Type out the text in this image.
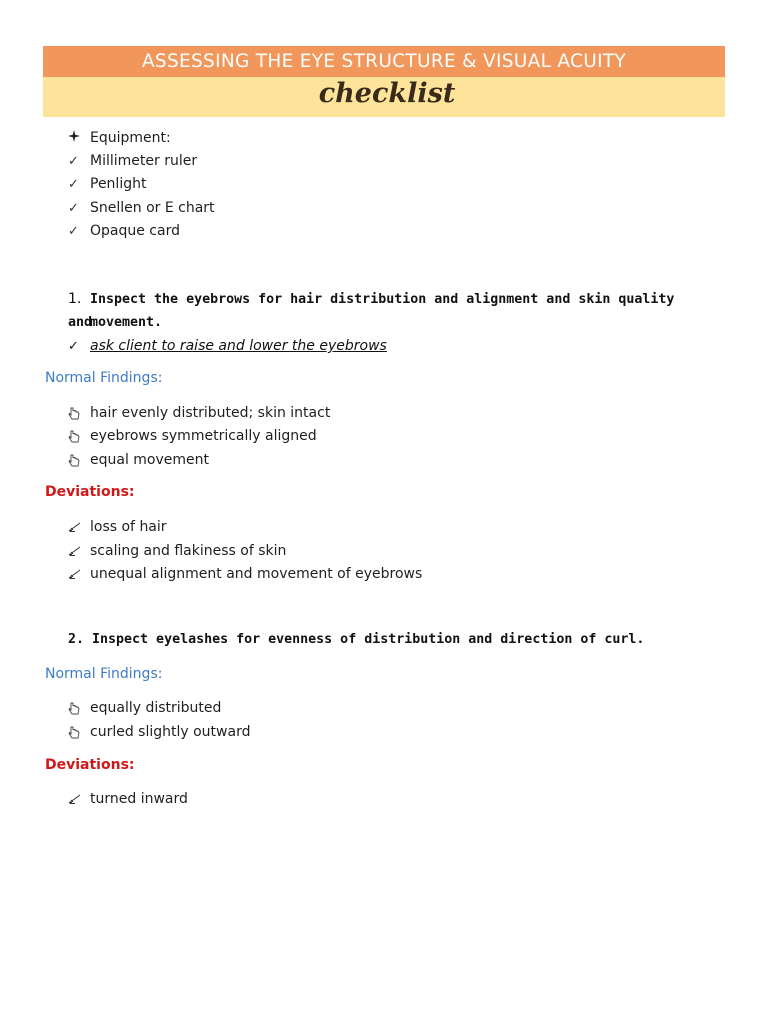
ASSESSING THE EYE STRUCTURE & VISUAL ACUITY
checklist
Equipment:
✓ Millimeter ruler
✓ Penlight
✓ Snellen or E chart
✓ Opaque card
1. Inspect the eyebrows for hair distribution and alignment and skin quality and
movement.
✓ ask client to raise and lower the eyebrows
Normal Findings:
hair evenly distributed; skin intact
eyebrows symmetrically aligned
equal movement
Deviations:
loss of hair
scaling and flakiness of skin
unequal alignment and movement of eyebrows
2. Inspect eyelashes for evenness of distribution and direction of curl.
Normal Findings:
equally distributed
curled slightly outward
Deviations:
turned inward
